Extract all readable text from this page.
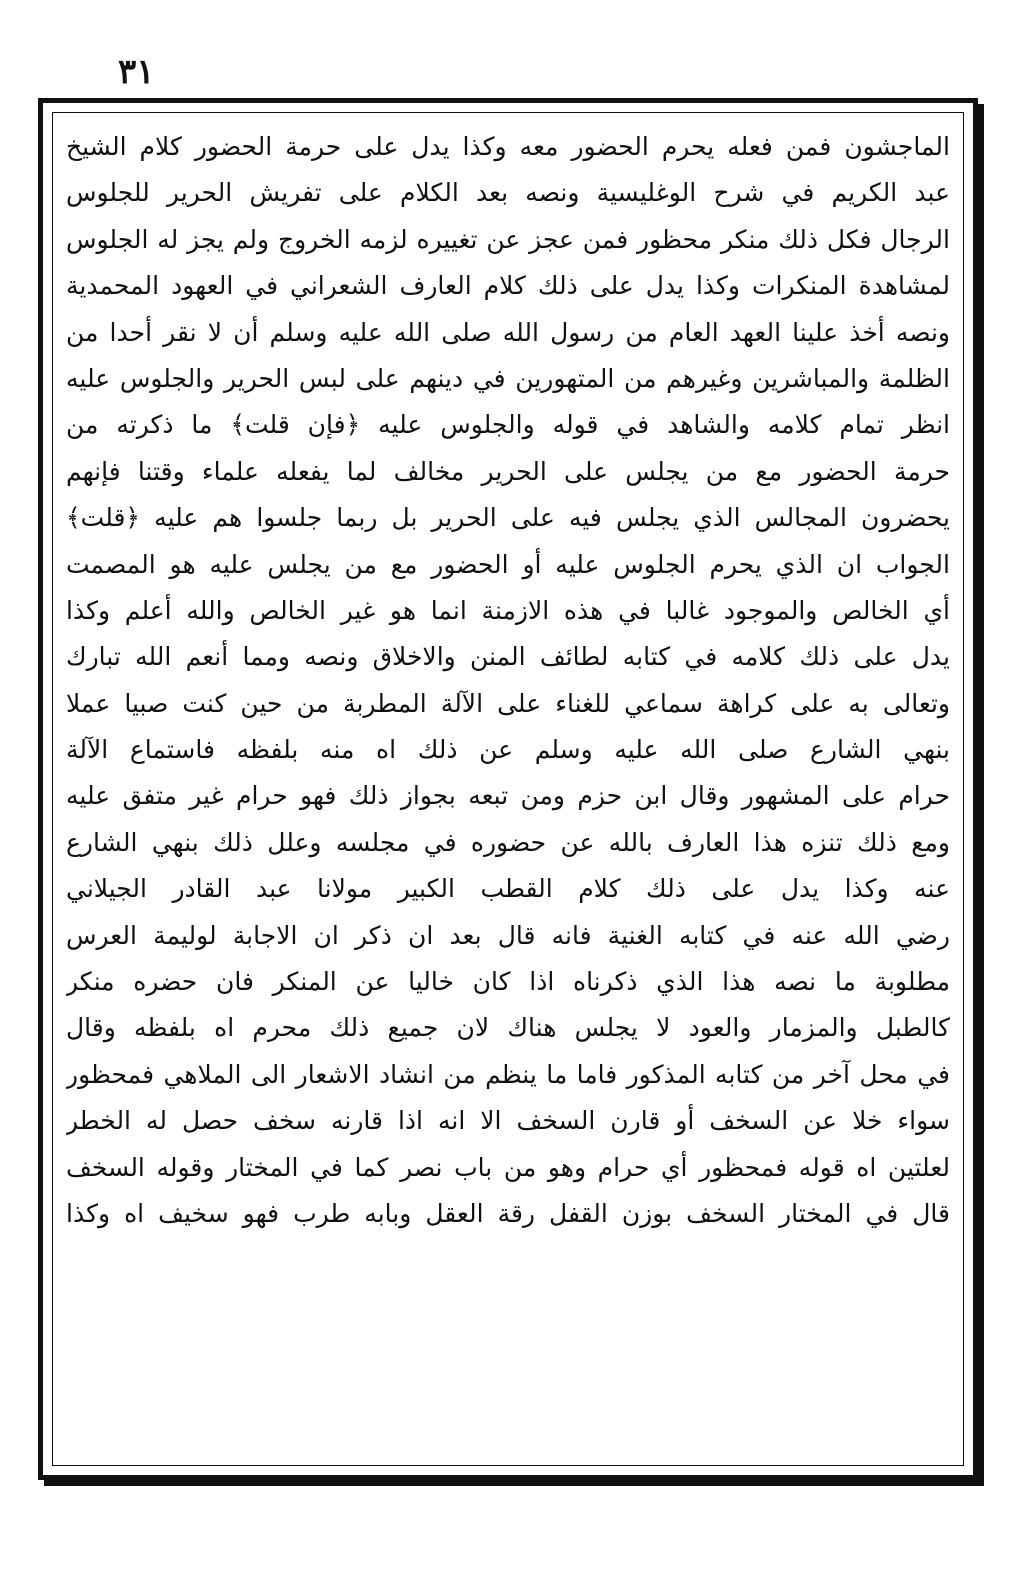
٣١
الماجشون فمن فعله يحرم الحضور معه وكذا يدل على حرمة الحضور كلام الشيخ
عبد الكريم في شرح الوغليسية ونصه بعد الكلام على تفريش الحرير للجلوس
الرجال فكل ذلك منكر محظور فمن عجز عن تغييره لزمه الخروج ولم يجز له الجلوس
لمشاهدة المنكرات وكذا يدل على ذلك كلام العارف الشعراني في العهود المحمدية
ونصه أخذ علينا العهد العام من رسول الله صلى الله عليه وسلم أن لا نقر أحدا من
الظلمة والمباشرين وغيرهم من المتهورين في دينهم على لبس الحرير والجلوس عليه
انظر تمام كلامه والشاهد في قوله والجلوس عليه ﴿فإن قلت﴾ ما ذكرته من
حرمة الحضور مع من يجلس على الحرير مخالف لما يفعله علماء وقتنا فإنهم
يحضرون المجالس الذي يجلس فيه على الحرير بل ربما جلسوا هم عليه ﴿قلت﴾
الجواب ان الذي يحرم الجلوس عليه أو الحضور مع من يجلس عليه هو المصمت
أي الخالص والموجود غالبا في هذه الازمنة انما هو غير الخالص والله أعلم وكذا
يدل على ذلك كلامه في كتابه لطائف المنن والاخلاق ونصه ومما أنعم الله تبارك
وتعالى به على كراهة سماعي للغناء على الآلة المطربة من حين كنت صبيا عملا
بنهي الشارع صلى الله عليه وسلم عن ذلك اه منه بلفظه فاستماع الآلة
حرام على المشهور وقال ابن حزم ومن تبعه بجواز ذلك فهو حرام غير متفق عليه
ومع ذلك تنزه هذا العارف بالله عن حضوره في مجلسه وعلل ذلك بنهي الشارع
عنه وكذا يدل على ذلك كلام القطب الكبير مولانا عبد القادر الجيلاني
رضي الله عنه في كتابه الغنية فانه قال بعد ان ذكر ان الاجابة لوليمة العرس
مطلوبة ما نصه هذا الذي ذكرناه اذا كان خاليا عن المنكر فان حضره منكر
كالطبل والمزمار والعود لا يجلس هناك لان جميع ذلك محرم اه بلفظه وقال
في محل آخر من كتابه المذكور فاما ما ينظم من انشاد الاشعار الى الملاهي فمحظور
سواء خلا عن السخف أو قارن السخف الا انه اذا قارنه سخف حصل له الخطر
لعلتين اه قوله فمحظور أي حرام وهو من باب نصر كما في المختار وقوله السخف
قال في المختار السخف بوزن القفل رقة العقل وبابه طرب فهو سخيف اه وكذا
